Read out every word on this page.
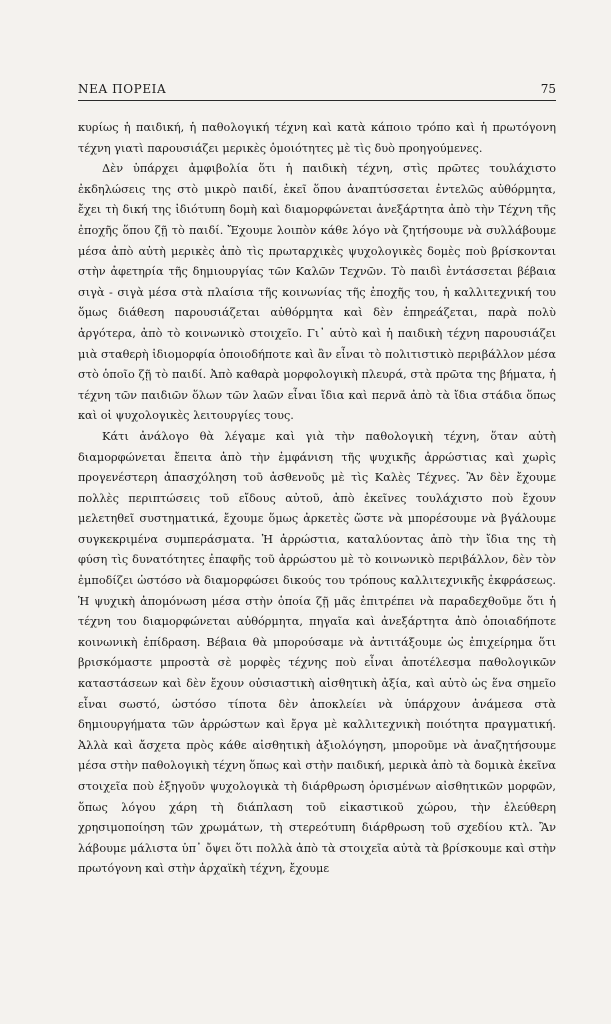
ΝΕΑ ΠΟΡΕΙΑ	75

κυρίως ἡ παιδική, ἡ παθολογική τέχνη καὶ κατὰ κάποιο τρόπο καὶ ἡ πρωτόγονη τέχνη γιατὶ παρουσιάζει μερικὲς ὁμοιότητες μὲ τὶς δυὸ προηγούμενες.

Δὲν ὑπάρχει ἀμφιβολία ὅτι ἡ παιδικὴ τέχνη, στὶς πρῶτες τουλάχιστο ἐκδηλώσεις της στὸ μικρὸ παιδί, ἐκεῖ ὅπου ἀναπτύσσεται ἐντελῶς αὐθόρμητα, ἔχει τὴ δική της ἰδιότυπη δομὴ καὶ διαμορφώνεται ἀνεξάρτητα ἀπὸ τὴν Τέχνη τῆς ἐποχῆς ὅπου ζῇ τὸ παιδί. Ἔχουμε λοιπὸν κάθε λόγο νὰ ζητήσουμε νὰ συλλάβουμε μέσα ἀπὸ αὐτὴ μερικὲς ἀπὸ τὶς πρωταρχικὲς ψυχολογικὲς δομὲς ποὺ βρίσκονται στὴν ἀφετηρία τῆς δημιουργίας τῶν Καλῶν Τεχνῶν. Τὸ παιδὶ ἐντάσσεται βέβαια σιγὰ - σιγὰ μέσα στὰ πλαίσια τῆς κοινωνίας τῆς ἐποχῆς του, ἡ καλλιτεχνική του ὅμως διάθεση παρουσιάζεται αὐθόρμητα καὶ δὲν ἐπηρεάζεται, παρὰ πολὺ ἀργότερα, ἀπὸ τὸ κοινωνικὸ στοιχεῖο. Γι᾽ αὐτὸ καὶ ἡ παιδικὴ τέχνη παρουσιάζει μιὰ σταθερὴ ἰδιομορφία ὁποιοδήποτε καὶ ἂν εἶναι τὸ πολιτιστικὸ περιβάλλον μέσα στὸ ὁποῖο ζῇ τὸ παιδί. Ἀπὸ καθαρὰ μορφολογικὴ πλευρά, στὰ πρῶτα της βήματα, ἡ τέχνη τῶν παιδιῶν ὅλων τῶν λαῶν εἶναι ἴδια καὶ περνᾶ ἀπὸ τὰ ἴδια στάδια ὅπως καὶ οἱ ψυχολογικὲς λειτουργίες τους.

Κάτι ἀνάλογο θὰ λέγαμε καὶ γιὰ τὴν παθολογικὴ τέχνη, ὅταν αὐτὴ διαμορφώνεται ἔπειτα ἀπὸ τὴν ἐμφάνιση τῆς ψυχικῆς ἀρρώστιας καὶ χωρὶς προγενέστερη ἀπασχόληση τοῦ ἀσθενοῦς μὲ τὶς Καλὲς Τέχνες. Ἂν δὲν ἔχουμε πολλὲς περιπτώσεις τοῦ εἴδους αὐτοῦ, ἀπὸ ἐκεῖνες τουλάχιστο ποὺ ἔχουν μελετηθεῖ συστηματικά, ἔχουμε ὅμως ἀρκετὲς ὥστε νὰ μπορέσουμε νὰ βγάλουμε συγκεκριμένα συμπεράσματα. Ἡ ἀρρώστια, καταλύοντας ἀπὸ τὴν ἴδια της τὴ φύση τὶς δυνατότητες ἐπαφῆς τοῦ ἀρρώστου μὲ τὸ κοινωνικὸ περιβάλλον, δὲν τὸν ἐμποδίζει ὡστόσο νὰ διαμορφώσει δικούς του τρόπους καλλιτεχνικῆς ἐκφράσεως. Ἡ ψυχικὴ ἀπομόνωση μέσα στὴν ὁποία ζῇ μᾶς ἐπιτρέπει νὰ παραδεχθοῦμε ὅτι ἡ τέχνη του διαμορφώνεται αὐθόρμητα, πηγαῖα καὶ ἀνεξάρτητα ἀπὸ ὁποιαδήποτε κοινωνικὴ ἐπίδραση. Βέβαια θὰ μπορούσαμε νὰ ἀντιτάξουμε ὡς ἐπιχείρημα ὅτι βρισκόμαστε μπροστὰ σὲ μορφὲς τέχνης ποὺ εἶναι ἀποτέλεσμα παθολογικῶν καταστάσεων καὶ δὲν ἔχουν οὐσιαστικὴ αἰσθητικὴ ἀξία, καὶ αὐτὸ ὡς ἕνα σημεῖο εἶναι σωστό, ὡστόσο τίποτα δὲν ἀποκλείει νὰ ὑπάρχουν ἀνάμεσα στὰ δημιουργήματα τῶν ἀρρώστων καὶ ἔργα μὲ καλλιτεχνικὴ ποιότητα πραγματική. Ἀλλὰ καὶ ἄσχετα πρὸς κάθε αἰσθητικὴ ἀξιολόγηση, μποροῦμε νὰ ἀναζητήσουμε μέσα στὴν παθολογικὴ τέχνη ὅπως καὶ στὴν παιδική, μερικὰ ἀπὸ τὰ δομικὰ ἐκεῖνα στοιχεῖα ποὺ ἐξηγοῦν ψυχολογικὰ τὴ διάρθρωση ὁρισμένων αἰσθητικῶν μορφῶν, ὅπως λόγου χάρη τὴ διάπλαση τοῦ εἰκαστικοῦ χώρου, τὴν ἐλεύθερη χρησιμοποίηση τῶν χρωμάτων, τὴ στερεότυπη διάρθρωση τοῦ σχεδίου κτλ. Ἂν λάβουμε μάλιστα ὑπ᾽ ὄψει ὅτι πολλὰ ἀπὸ τὰ στοιχεῖα αὐτὰ τὰ βρίσκουμε καὶ στὴν πρωτόγονη καὶ στὴν ἀρχαϊκὴ τέχνη, ἔχουμε
